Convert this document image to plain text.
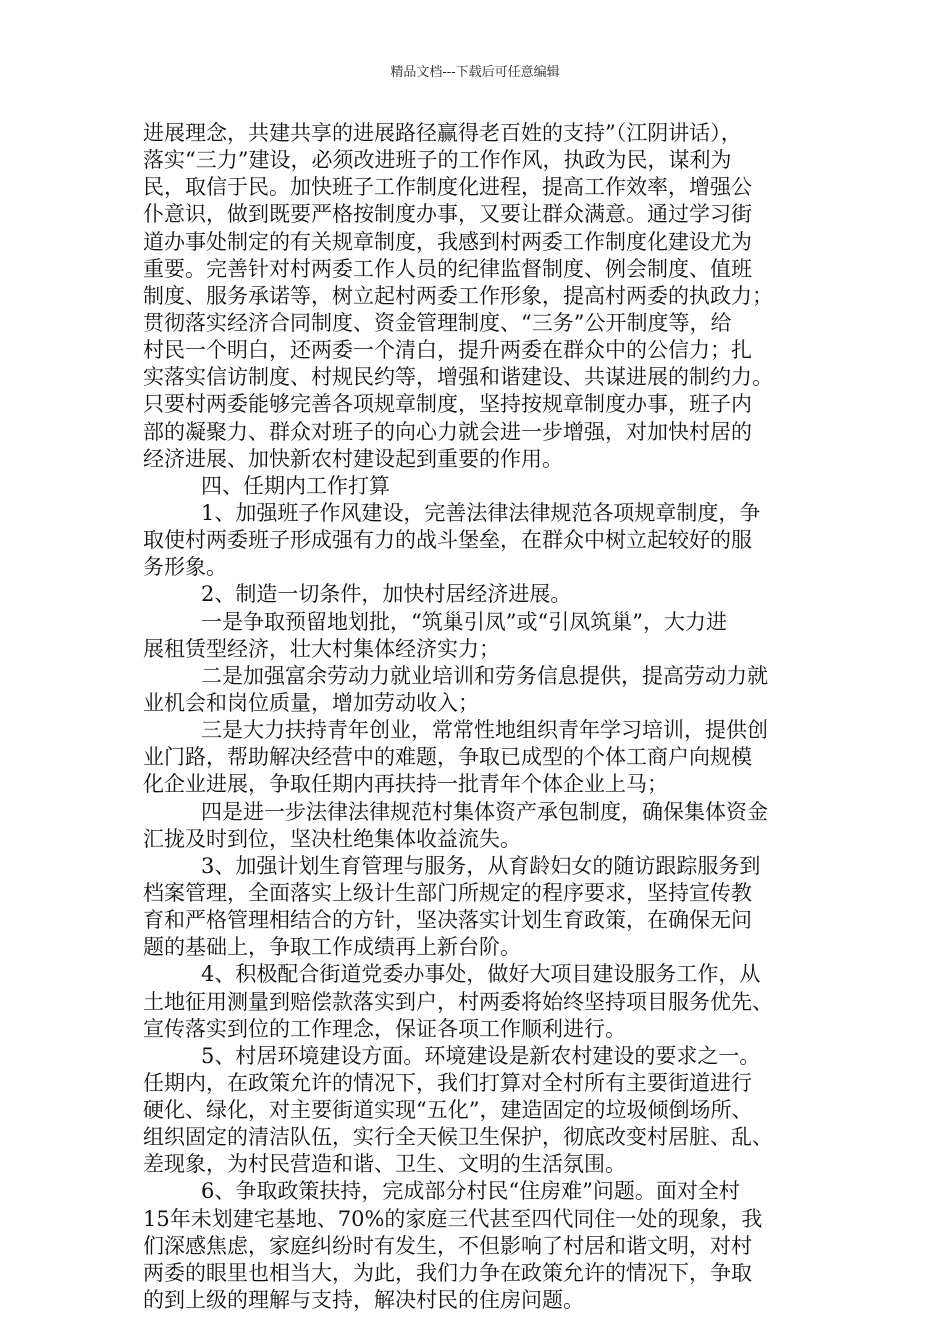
精品文档---下载后可任意编辑
进展理念，共建共享的进展路径赢得老百姓的支持”（江阴讲话），
落实“三力”建设，必须改进班子的工作作风，执政为民，谋利为
民，取信于民。加快班子工作制度化进程，提高工作效率，增强公
仆意识，做到既要严格按制度办事，又要让群众满意。通过学习街
道办事处制定的有关规章制度，我感到村两委工作制度化建设尤为
重要。完善针对村两委工作人员的纪律监督制度、例会制度、值班
制度、服务承诺等，树立起村两委工作形象，提高村两委的执政力；
贯彻落实经济合同制度、资金管理制度、“三务”公开制度等，给
村民一个明白，还两委一个清白，提升两委在群众中的公信力；扎
实落实信访制度、村规民约等，增强和谐建设、共谋进展的制约力。
只要村两委能够完善各项规章制度，坚持按规章制度办事，班子内
部的凝聚力、群众对班子的向心力就会进一步增强，对加快村居的
经济进展、加快新农村建设起到重要的作用。
四、任期内工作打算
1、加强班子作风建设，完善法律法律规范各项规章制度，争
取使村两委班子形成强有力的战斗堡垒，在群众中树立起较好的服
务形象。
2、制造一切条件，加快村居经济进展。
一是争取预留地划批，“筑巢引凤”或“引凤筑巢”，大力进
展租赁型经济，壮大村集体经济实力；
二是加强富余劳动力就业培训和劳务信息提供，提高劳动力就
业机会和岗位质量，增加劳动收入；
三是大力扶持青年创业，常常性地组织青年学习培训，提供创
业门路，帮助解决经营中的难题，争取已成型的个体工商户向规模
化企业进展，争取任期内再扶持一批青年个体企业上马；
四是进一步法律法律规范村集体资产承包制度，确保集体资金
汇拢及时到位，坚决杜绝集体收益流失。
3、加强计划生育管理与服务，从育龄妇女的随访跟踪服务到
档案管理，全面落实上级计生部门所规定的程序要求，坚持宣传教
育和严格管理相结合的方针，坚决落实计划生育政策，在确保无问
题的基础上，争取工作成绩再上新台阶。
4、积极配合街道党委办事处，做好大项目建设服务工作，从
土地征用测量到赔偿款落实到户，村两委将始终坚持项目服务优先、
宣传落实到位的工作理念，保证各项工作顺利进行。
5、村居环境建设方面。环境建设是新农村建设的要求之一。
任期内，在政策允许的情况下，我们打算对全村所有主要街道进行
硬化、绿化，对主要街道实现“五化”，建造固定的垃圾倾倒场所、
组织固定的清洁队伍，实行全天候卫生保护，彻底改变村居脏、乱、
差现象，为村民营造和谐、卫生、文明的生活氛围。
6、争取政策扶持，完成部分村民“住房难”问题。面对全村
15年未划建宅基地、70%的家庭三代甚至四代同住一处的现象，我
们深感焦虑，家庭纠纷时有发生，不但影响了村居和谐文明，对村
两委的眼里也相当大，为此，我们力争在政策允许的情况下，争取
的到上级的理解与支持，解决村民的住房问题。
